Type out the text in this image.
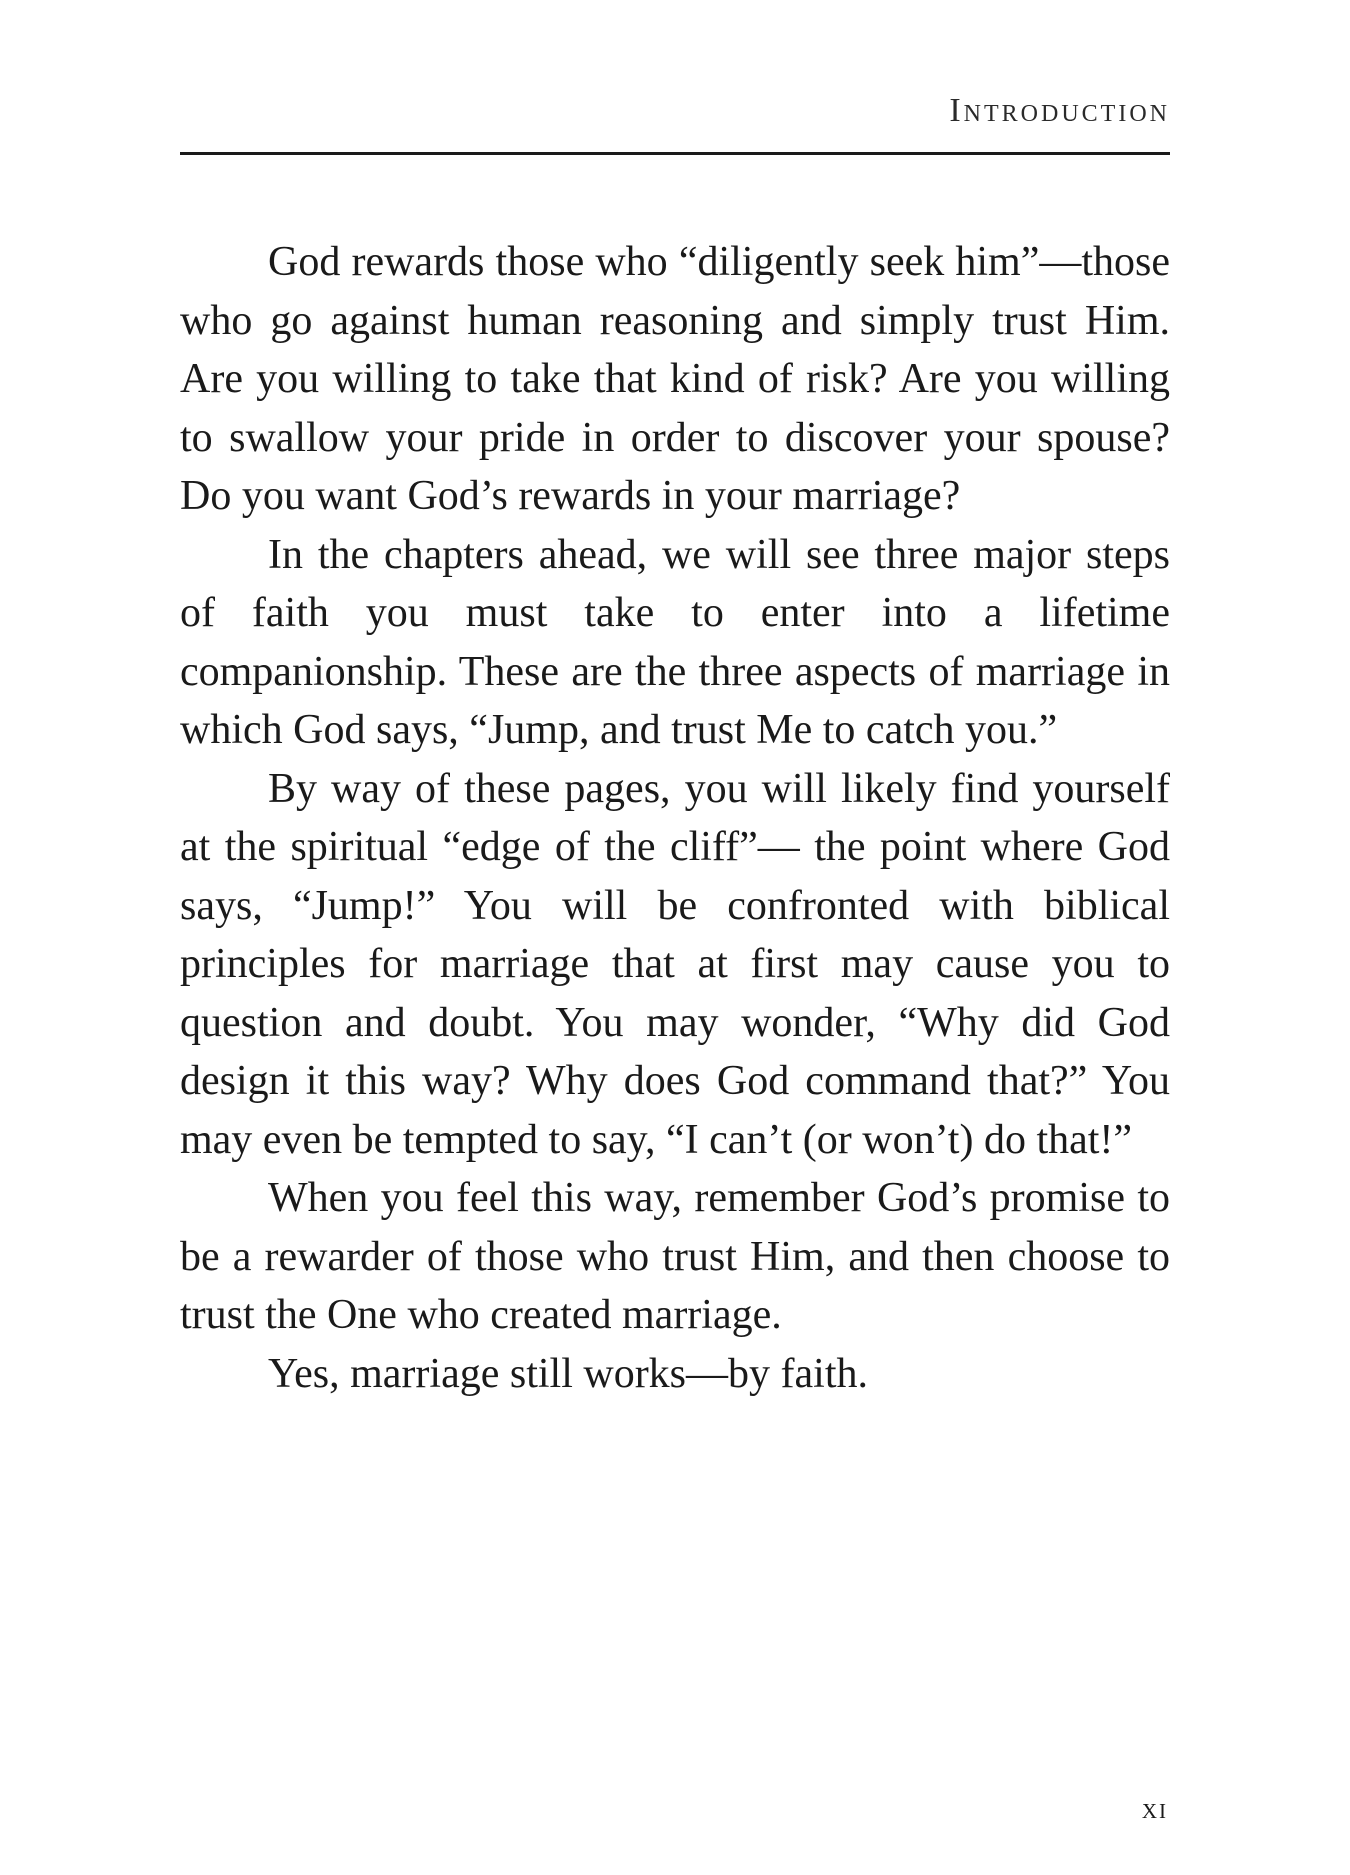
Introduction

God rewards those who “diligently seek him”—those who go against human reasoning and simply trust Him. Are you willing to take that kind of risk? Are you willing to swallow your pride in order to discover your spouse? Do you want God’s rewards in your marriage?

In the chapters ahead, we will see three major steps of faith you must take to enter into a lifetime companionship. These are the three aspects of marriage in which God says, “Jump, and trust Me to catch you.”

By way of these pages, you will likely find yourself at the spiritual “edge of the cliff”— the point where God says, “Jump!” You will be confronted with biblical principles for marriage that at first may cause you to question and doubt. You may wonder, “Why did God design it this way? Why does God command that?” You may even be tempted to say, “I can’t (or won’t) do that!”

When you feel this way, remember God’s promise to be a rewarder of those who trust Him, and then choose to trust the One who created marriage.

Yes, marriage still works—by faith.

xi
